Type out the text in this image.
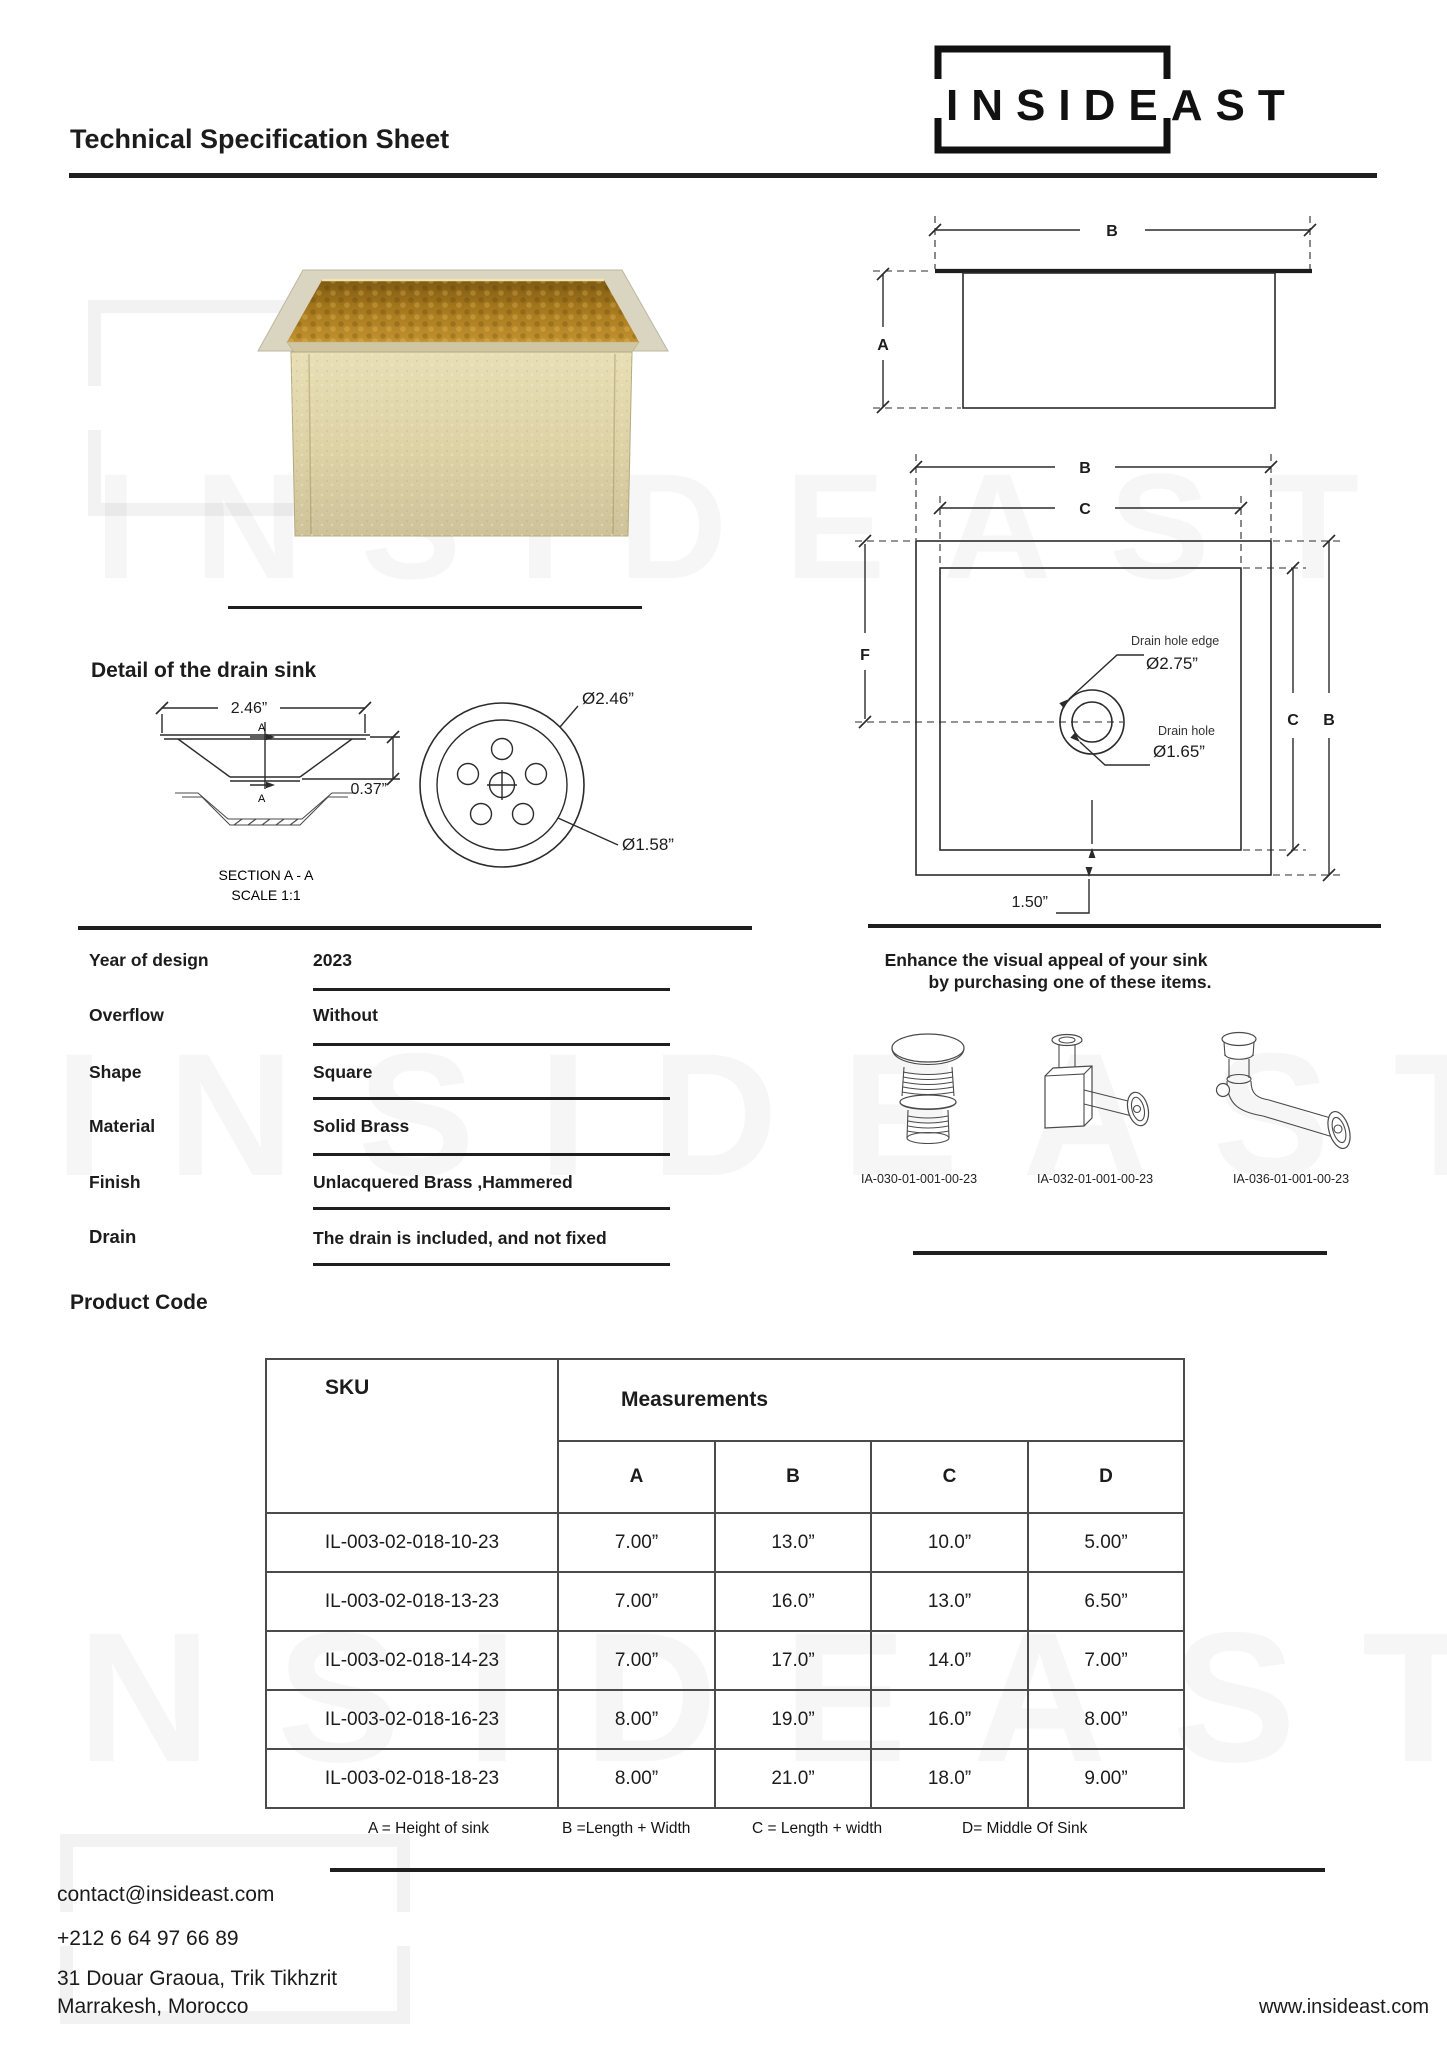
Technical Specification Sheet
INSIDEAST
B
A
B
C
F
C B
Drain hole edge
Ø2.75”
Drain hole
Ø1.65”
1.50”
Detail of the drain sink
2.46”
0.37”
A
A
SECTION A - A
SCALE 1:1
Ø2.46”
Ø1.58”
Year of design	2023
Overflow	Without
Shape	Square
Material	Solid Brass
Finish	Unlacquered Brass ,Hammered
Drain	The drain is included, and not fixed
Enhance the visual appeal of your sink
by purchasing one of these items.
IA-030-01-001-00-23	IA-032-01-001-00-23	IA-036-01-001-00-23
Product Code
SKU	Measurements			
	A	B	C	D
IL-003-02-018-10-23	7.00”	13.0”	10.0”	5.00”
IL-003-02-018-13-23	7.00”	16.0”	13.0”	6.50”
IL-003-02-018-14-23	7.00”	17.0”	14.0”	7.00”
IL-003-02-018-16-23	8.00”	19.0”	16.0”	8.00”
IL-003-02-018-18-23	8.00”	21.0”	18.0”	9.00”
A = Height of sink	B =Length + Width	C = Length + width	D= Middle Of Sink
contact@insideast.com
+212 6 64 97 66 89
31 Douar Graoua, Trik Tikhzrit
Marrakesh, Morocco	www.insideast.com
